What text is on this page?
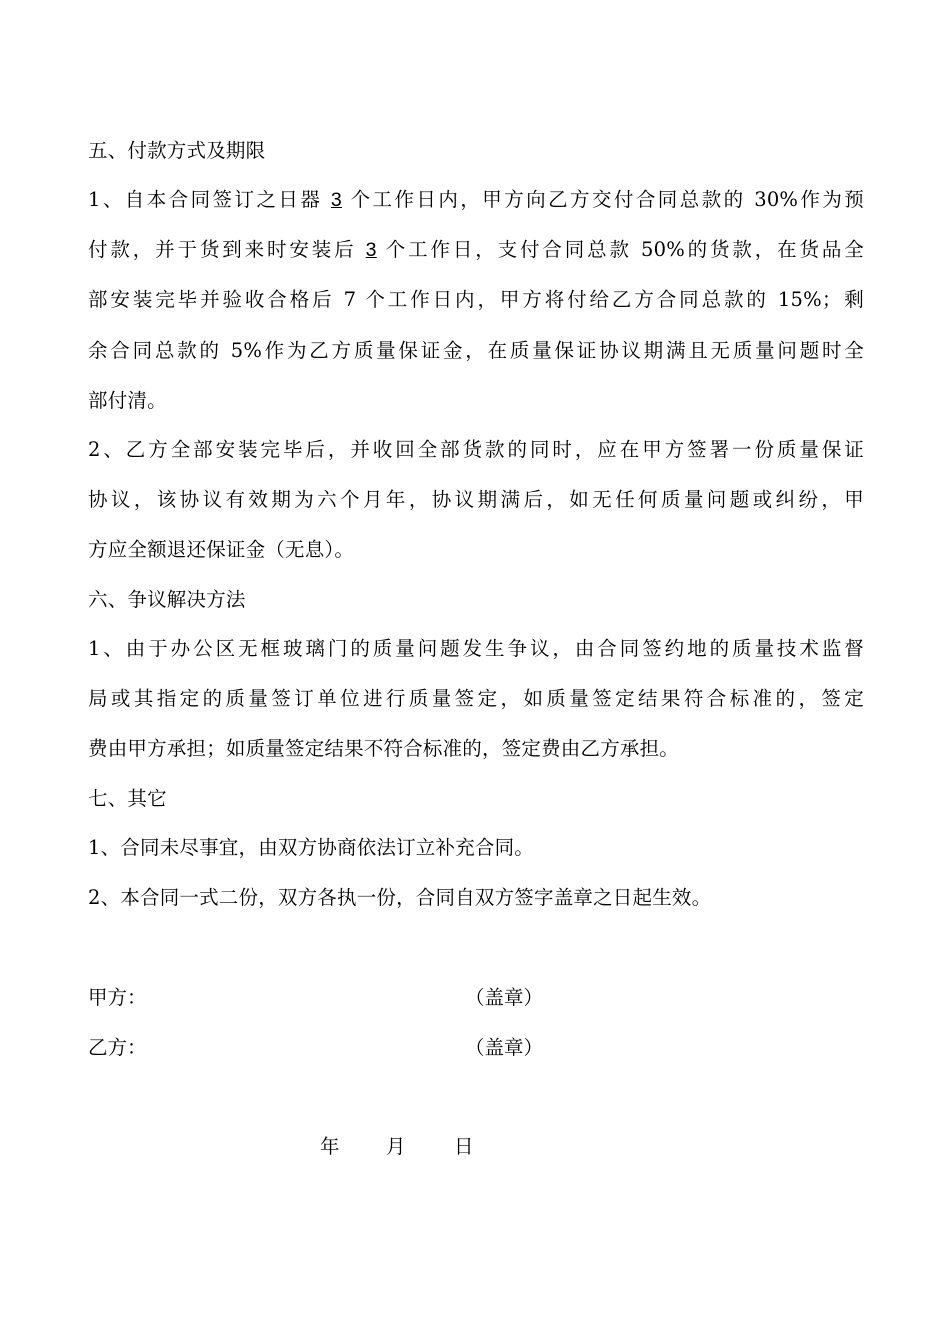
五、付款方式及期限
1、自本合同签订之日器 3 个工作日内，甲方向乙方交付合同总款的 30%作为预
付款，并于货到来时安装后 3 个工作日，支付合同总款 50%的货款，在货品全
部安装完毕并验收合格后 7 个工作日内，甲方将付给乙方合同总款的 15%；剩
余合同总款的 5%作为乙方质量保证金，在质量保证协议期满且无质量问题时全
部付清。
2、乙方全部安装完毕后，并收回全部货款的同时，应在甲方签署一份质量保证
协议，该协议有效期为六个月年，协议期满后，如无任何质量问题或纠纷，甲
方应全额退还保证金（无息）。
六、争议解决方法
1、由于办公区无框玻璃门的质量问题发生争议，由合同签约地的质量技术监督
局或其指定的质量签订单位进行质量签定，如质量签定结果符合标准的，签定
费由甲方承担；如质量签定结果不符合标准的，签定费由乙方承担。
七、其它
1、合同未尽事宜，由双方协商依法订立补充合同。
2、本合同一式二份，双方各执一份，合同自双方签字盖章之日起生效。
甲方：	（盖章）
乙方：	（盖章）
年 月 日
